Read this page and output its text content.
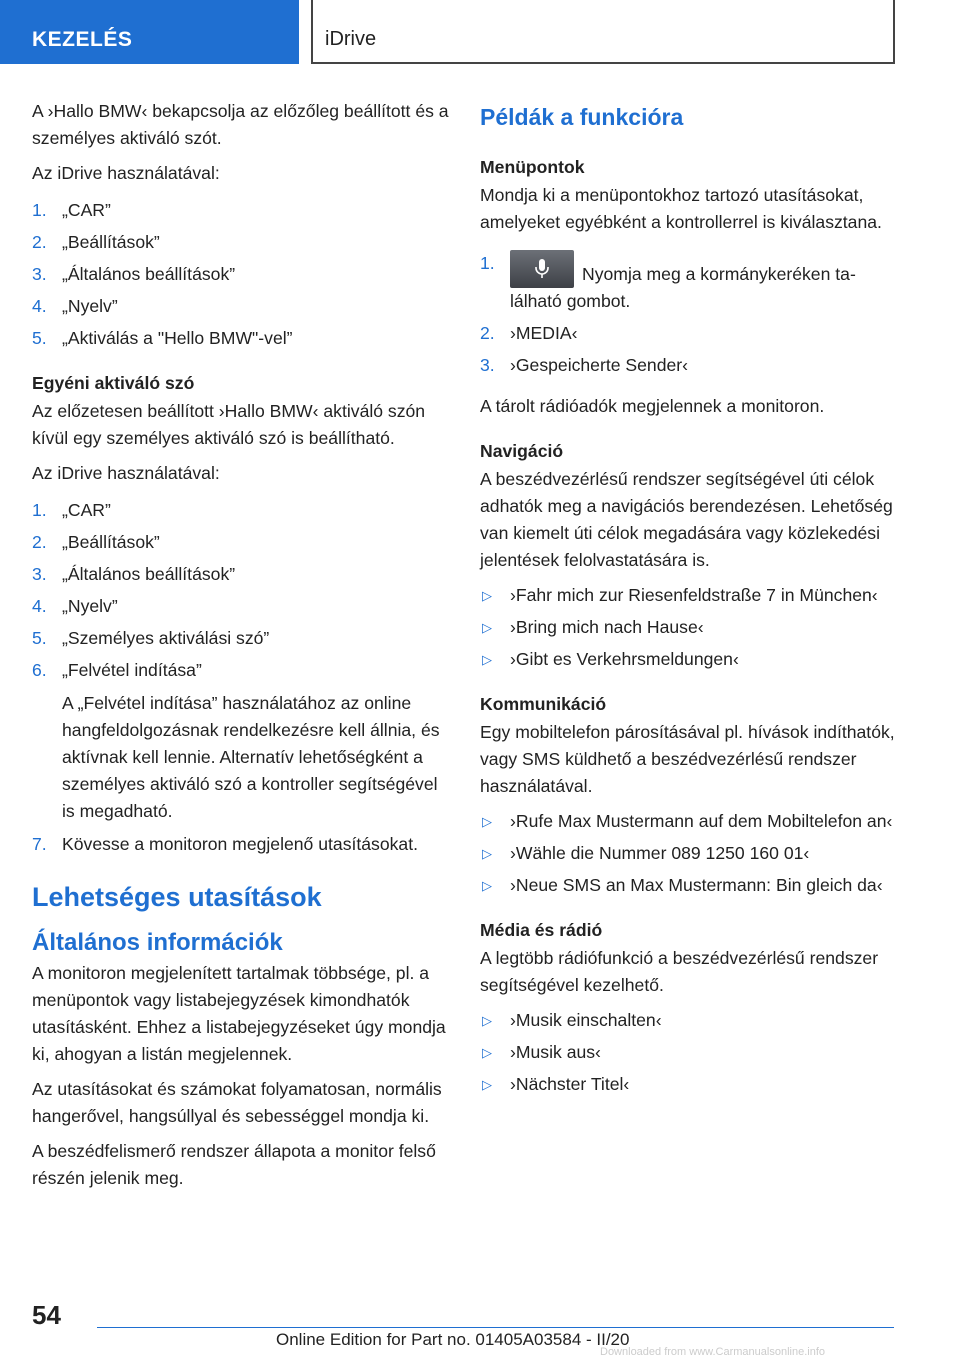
KEZELÉS	iDrive

A ›Hallo BMW‹ bekapcsolja az előzőleg beállított és a személyes aktiváló szót.

Az iDrive használatával:

1. „CAR”
2. „Beállítások”
3. „Általános beállítások”
4. „Nyelv”
5. „Aktiválás a "Hello BMW"-vel”

Egyéni aktiváló szó

Az előzetesen beállított ›Hallo BMW‹ aktiváló szón kívül egy személyes aktiváló szó is beállítható.

Az iDrive használatával:

1. „CAR”
2. „Beállítások”
3. „Általános beállítások”
4. „Nyelv”
5. „Személyes aktiválási szó”
6. „Felvétel indítása”
A „Felvétel indítása” használatához az online hangfeldolgozásnak rendelkezésre kell állnia, és aktívnak kell lennie. Alternatív lehetőségként a személyes aktiváló szó a kontroller segítségével is megadható.
7. Kövesse a monitoron megjelenő utasításokat.
Lehetséges utasítások
Általános információk

A monitoron megjelenített tartalmak többsége, pl. a menüpontok vagy listabejegyzések kimondhatók utasításként. Ehhez a listabejegyzéseket úgy mondja ki, ahogyan a listán megjelennek.

Az utasításokat és számokat folyamatosan, normális hangerővel, hangsúllyal és sebességgel mondja ki.

A beszédfelismerő rendszer állapota a monitor felső részén jelenik meg.

Példák a funkcióra

Menüpontok

Mondja ki a menüpontokhoz tartozó utasításokat, amelyeket egyébként a kontrollerrel is kiválasztana.

1.
Nyomja meg a kormánykeréken található gombot.
2. ›MEDIA‹
3. ›Gespeicherte Sender‹

A tárolt rádióadók megjelennek a monitoron.

Navigáció

A beszédvezérlésű rendszer segítségével úti célok adhatók meg a navigációs berendezésen. Lehetőség van kiemelt úti célok megadására vagy közlekedési jelentések felolvastatására is.

▷ ›Fahr mich zur Riesenfeldstraße 7 in München‹
▷ ›Bring mich nach Hause‹
▷ ›Gibt es Verkehrsmeldungen‹

Kommunikáció

Egy mobiltelefon párosításával pl. hívások indíthatók, vagy SMS küldhető a beszédvezérlésű rendszer használatával.

▷ ›Rufe Max Mustermann auf dem Mobiltelefon an‹
▷ ›Wähle die Nummer 089 1250 160 01‹
▷ ›Neue SMS an Max Mustermann: Bin gleich da‹

Média és rádió

A legtöbb rádiófunkció a beszédvezérlésű rendszer segítségével kezelhető.

▷ ›Musik einschalten‹
▷ ›Musik aus‹
▷ ›Nächster Titel‹
54
Online Edition for Part no. 01405A03584 - II/20
Downloaded from www.Carmanualsonline.info
